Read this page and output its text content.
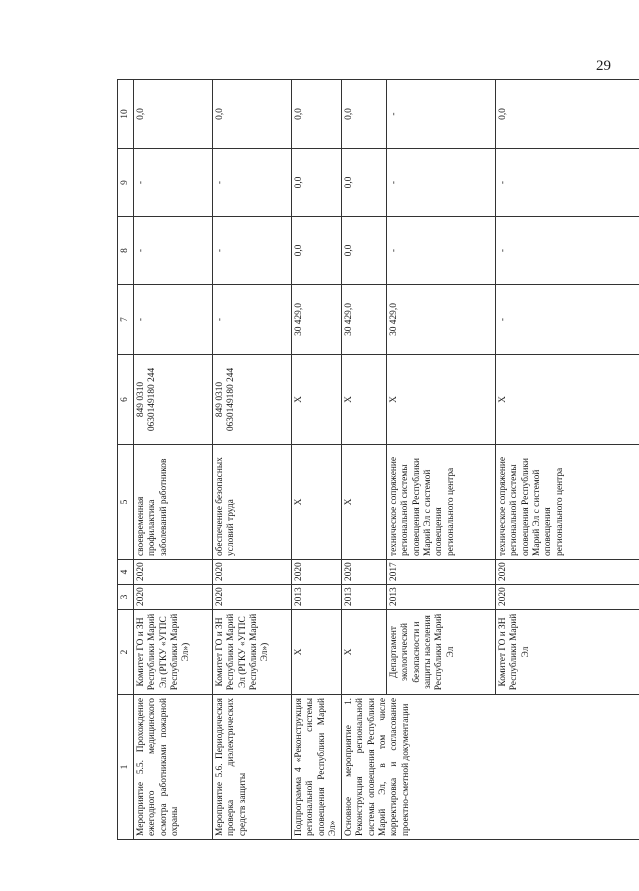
29
1	2	3	4	5	6	7	8	9	10
Мероприятие 5.5. Прохождение ежегодного медицинского осмотра работниками пожарной охраны	Комитет ГО и ЗН Республики Марий Эл (РГКУ «УГПС Республики Марий Эл»)	2020	2020	своевременная профилактика заболеваний работников	849 0310 0630149180 244	-	-	-	0,0
Мероприятие 5.6. Периодическая проверка диэлектрических средств защиты	Комитет ГО и ЗН Республики Марий Эл (РГКУ «УГПС Республики Марий Эл»)	2020	2020	обеспечение безопасных условий труда	849 0310 0630149180 244	-	-	-	0,0
Подпрограмма 4 «Реконструкция региональной системы оповещения Республики Марий Эл»	X	2013	2020	X	X	30 429,0	0,0	0,0	0,0
Основное мероприятие 1. Реконструкция региональной системы оповещения Республики Марий Эл, в том числе корректировка и согласование проектно-сметной документации	X	2013	2020	X	X	30 429,0	0,0	0,0	0,0
	Департамент экологической безопасности и защиты населения Республики Марий Эл	2013	2017	техническое сопряжение региональной системы оповещения Республики Марий Эл с системой оповещения регионального центра	X	30 429,0	-	-	-
	Комитет ГО и ЗН Республики Марий Эл	2020	2020	техническое сопряжение региональной системы оповещения Республики Марий Эл с системой оповещения регионального центра	X	-	-	-	0,0
